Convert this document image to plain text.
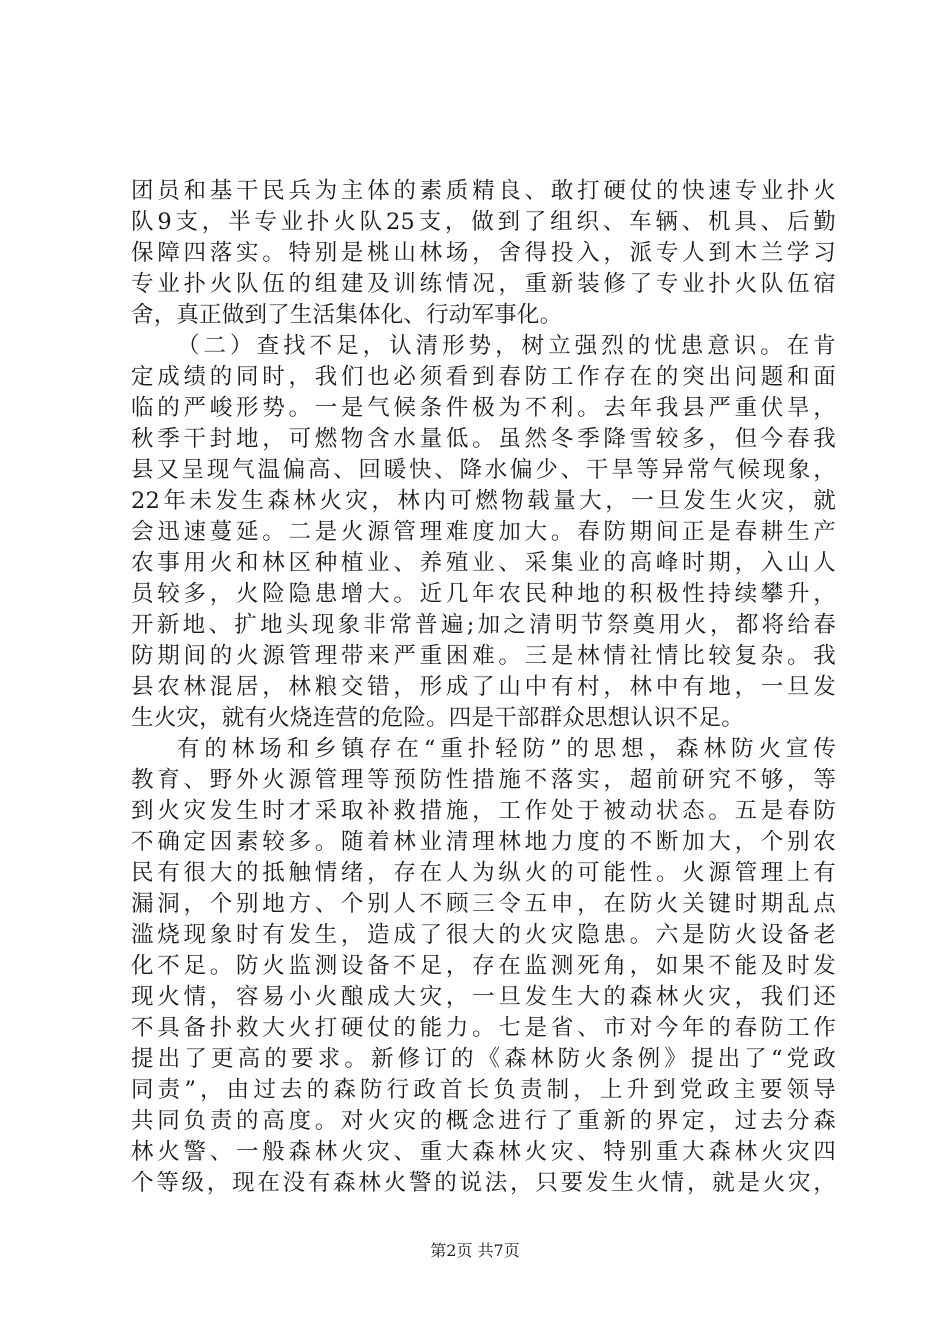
团员和基干民兵为主体的素质精良、敢打硬仗的快速专业扑火
队9支，半专业扑火队25支，做到了组织、车辆、机具、后勤
保障四落实。特别是桃山林场，舍得投入，派专人到木兰学习
专业扑火队伍的组建及训练情况，重新装修了专业扑火队伍宿
舍，真正做到了生活集体化、行动军事化。
（二）查找不足，认清形势，树立强烈的忧患意识。在肯
定成绩的同时，我们也必须看到春防工作存在的突出问题和面
临的严峻形势。一是气候条件极为不利。去年我县严重伏旱，
秋季干封地，可燃物含水量低。虽然冬季降雪较多，但今春我
县又呈现气温偏高、回暖快、降水偏少、干旱等异常气候现象，
22年未发生森林火灾，林内可燃物载量大，一旦发生火灾，就
会迅速蔓延。二是火源管理难度加大。春防期间正是春耕生产
农事用火和林区种植业、养殖业、采集业的高峰时期，入山人
员较多，火险隐患增大。近几年农民种地的积极性持续攀升，
开新地、扩地头现象非常普遍;加之清明节祭奠用火，都将给春
防期间的火源管理带来严重困难。三是林情社情比较复杂。我
县农林混居，林粮交错，形成了山中有村，林中有地，一旦发
生火灾，就有火烧连营的危险。四是干部群众思想认识不足。
有的林场和乡镇存在“重扑轻防”的思想，森林防火宣传
教育、野外火源管理等预防性措施不落实，超前研究不够，等
到火灾发生时才采取补救措施，工作处于被动状态。五是春防
不确定因素较多。随着林业清理林地力度的不断加大，个别农
民有很大的抵触情绪，存在人为纵火的可能性。火源管理上有
漏洞，个别地方、个别人不顾三令五申，在防火关键时期乱点
滥烧现象时有发生，造成了很大的火灾隐患。六是防火设备老
化不足。防火监测设备不足，存在监测死角，如果不能及时发
现火情，容易小火酿成大灾，一旦发生大的森林火灾，我们还
不具备扑救大火打硬仗的能力。七是省、市对今年的春防工作
提出了更高的要求。新修订的《森林防火条例》提出了“党政
同责”，由过去的森防行政首长负责制，上升到党政主要领导
共同负责的高度。对火灾的概念进行了重新的界定，过去分森
林火警、一般森林火灾、重大森林火灾、特别重大森林火灾四
个等级，现在没有森林火警的说法，只要发生火情，就是火灾，
第2页 共7页
